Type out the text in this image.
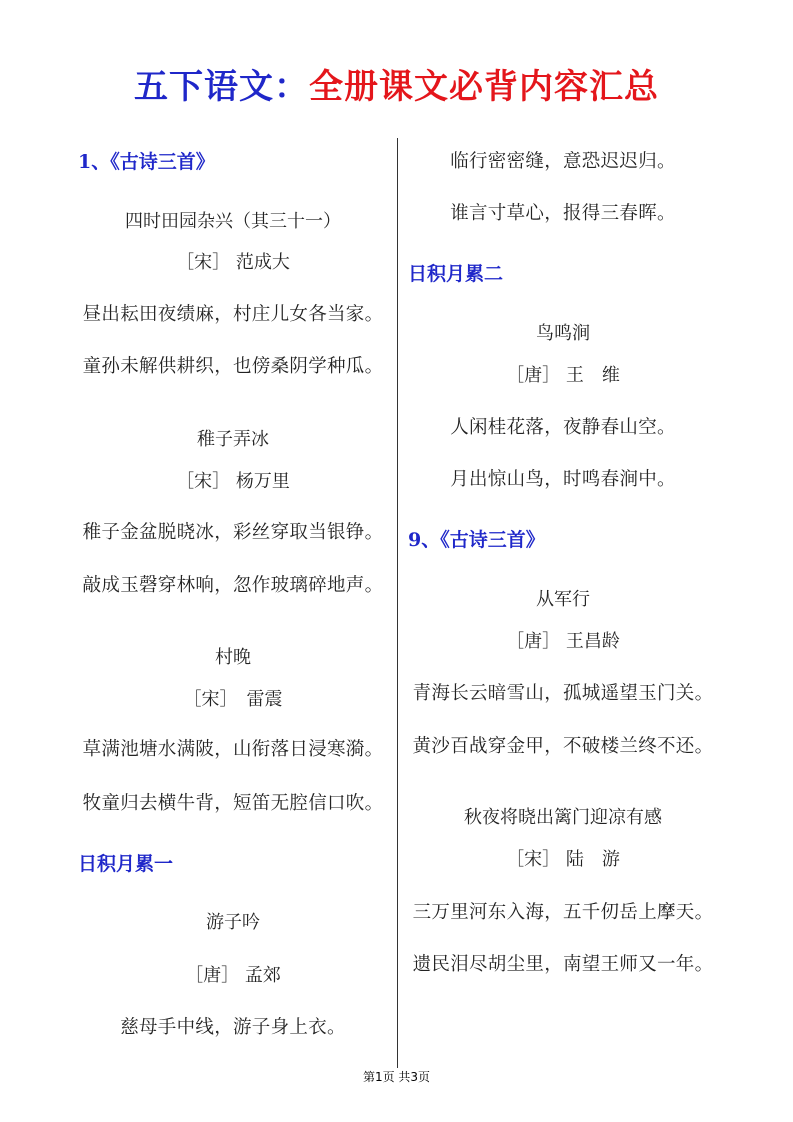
五下语文：全册课文必背内容汇总
1、《古诗三首》
四时田园杂兴（其三十一）
［宋］ 范成大
昼出耘田夜绩麻，村庄儿女各当家。
童孙未解供耕织，也傍桑阴学种瓜。
稚子弄冰
［宋］ 杨万里
稚子金盆脱晓冰，彩丝穿取当银铮。
敲成玉磬穿林响，忽作玻璃碎地声。
村晚
［宋］　雷震
草满池塘水满陂，山衔落日浸寒漪。
牧童归去横牛背，短笛无腔信口吹。
日积月累一
游子吟
［唐］ 孟郊
慈母手中线，游子身上衣。
临行密密缝，意恐迟迟归。
谁言寸草心，报得三春晖。
日积月累二
鸟鸣涧
［唐］ 王　维
人闲桂花落，夜静春山空。
月出惊山鸟，时鸣春涧中。
9、《古诗三首》
从军行
［唐］ 王昌龄
青海长云暗雪山，孤城遥望玉门关。
黄沙百战穿金甲，不破楼兰终不还。
秋夜将晓出篱门迎凉有感
［宋］ 陆　游
三万里河东入海，五千仞岳上摩天。
遗民泪尽胡尘里，南望王师又一年。
第1页 共3页
